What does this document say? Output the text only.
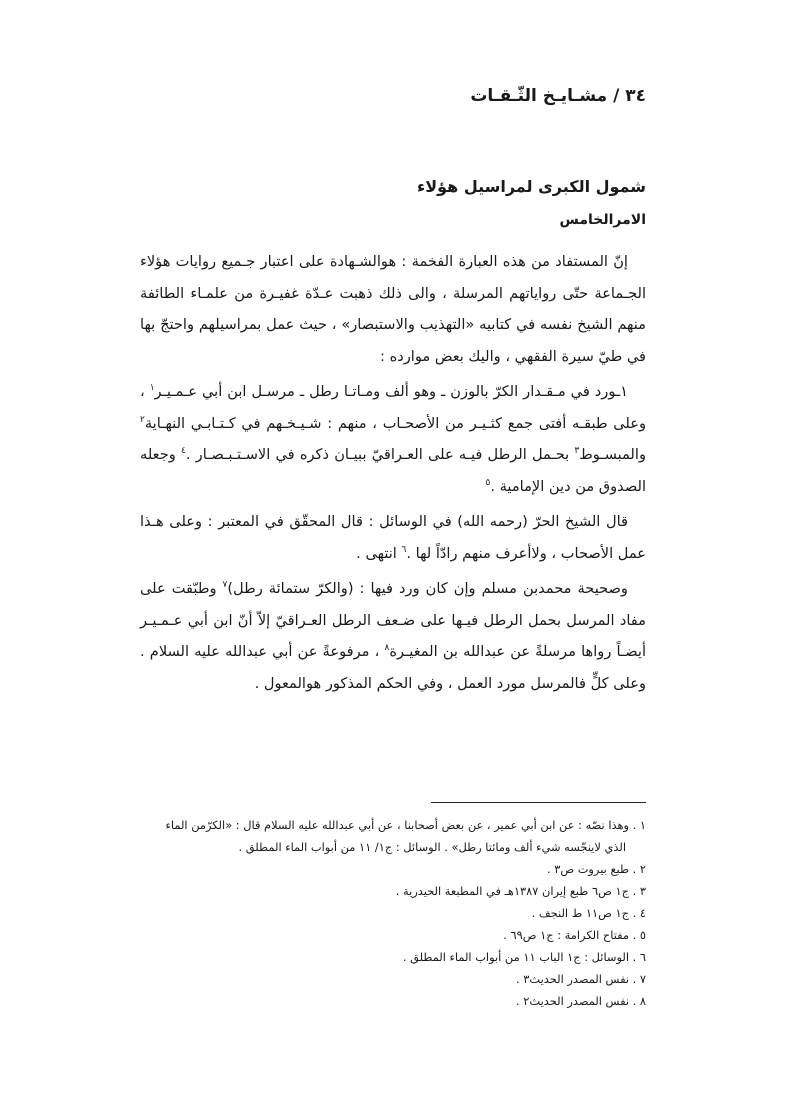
٣٤ / مشـايـخ الثّـقـات
شمول الكبرى لمراسيل هؤلاء
الامرالخامس

إنّ المستفاد من هذه العبارة الفخمة : هوالشـهادة على اعتبار جـميع روايات هؤلاء الجـماعة حتّى رواياتهم المرسلة ، والى ذلك ذهبت عـدّة غفيـرة من علمـاء الطائفة منهم الشيخ نفسه في كتابيه «التهذيب والاستبصار» ، حيث عمل بمراسيلهم واحتجّ بها في طيّ سيرة الفقهي ، واليك بعض موارده :

١ـورد في مـقـدار الكرّ بالوزن ـ وهو ألف ومـاتـا رطل ـ مرسـل ابن أبي عـمـيـر$^١$ ، وعلى طبقـه أفتى جمع كثـيـر من الأصحـاب ، منهم : شـيـخـهم في كـتـابـي النهـاية$^٢$ والمبسـوط$^٣$ بحـمل الرطل فيـه على العـراقيّ ببيـان ذكره في الاسـتـبـصـار .$^٤$ وجعله الصدوق من دين الإمامية .$^٥$

قال الشيخ الحرّ (رحمه الله) في الوسائل : قال المحقّق في المعتبر : وعلى هـذا عمل الأصحاب ، ولاأعرف منهم رادّاً لها .$^٦$ انتهى .

وصحيحة محمدبن مسلم وإن كان ورد فيها : (والكرّ ستمائة رطل)$^٧$ وطبّقت على مفاد المرسل بحمل الرطل فيـها على ضـعف الرطل العـراقيّ إلاّ أنّ ابن أبي عـمـيـر أيضـاً رواها مرسلةً عن عبدالله بن المغيـرة$^٨$ ، مرفوعةً عن أبي عبدالله عليه السلام . وعلى كلٍّ فالمرسل مورد العمل ، وفي الحكم المذكور هوالمعول .

١ . وهذا نصّه : عن ابن أبي عمير ، عن بعض أصحابنا ، عن أبي عبدالله عليه السلام قال : «الكرّمن الماء
الذي لاينجّسه شيء ألف ومائتا رطل» . الوسائل : ج١/ ١١ من أبواب الماء المطلق .
٢ . طبع بيروت ص٣ .
٣ . ج١ ص٦ طبع إيران ١٣٨٧هـ في المطبعة الحيدرية .
٤ . ج١ ص١١ ط النجف .
٥ . مفتاح الكرامة : ج١ ص٦٩ .
٦ . الوسائل : ج١ الباب ١١ من أبواب الماء المطلق .
٧ . نفس المصدر الحديث٣ .
٨ . نفس المصدر الحديث٢ .
